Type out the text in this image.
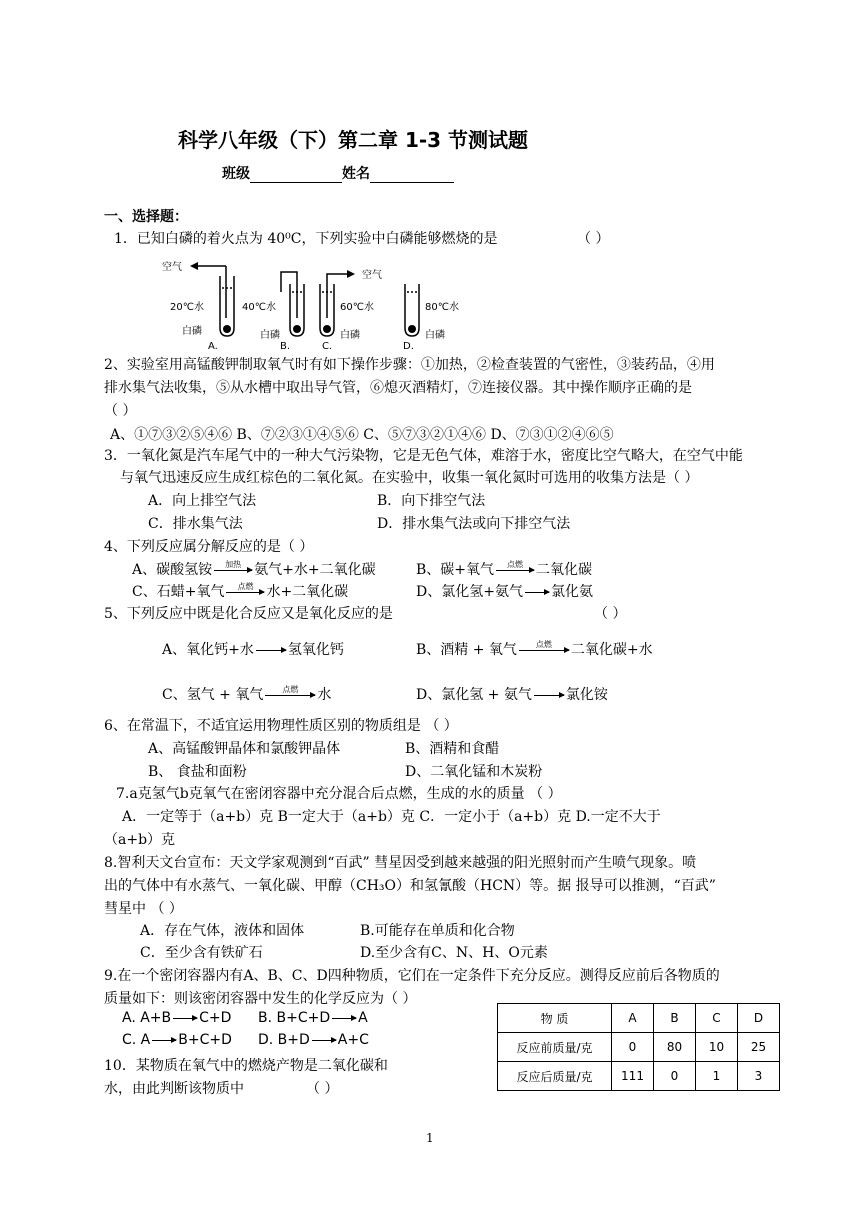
科学八年级（下）第二章 1-3 节测试题
班级	姓名
一、选择题：
1．已知白磷的着火点为 40⁰C，下列实验中白磷能够燃烧的是	（ ）
空气
空气
20℃水	40℃水	60℃水	80℃水
白磷	白磷	白磷	白磷
A.	B.	C.	D.
2、实验室用高锰酸钾制取氧气时有如下操作步骤：①加热，②检查装置的气密性，③装药品，④用
排水集气法收集，⑤从水槽中取出导气管，⑥熄灭酒精灯，⑦连接仪器。其中操作顺序正确的是
（ ）
A、①⑦③②⑤④⑥ B、⑦②③①④⑤⑥ C、⑤⑦③②①④⑥ D、⑦③①②④⑥⑤
3．一氧化氮是汽车尾气中的一种大气污染物，它是无色气体，难溶于水，密度比空气略大，在空气中能
与氧气迅速反应生成红棕色的二氧化氮。在实验中，收集一氧化氮时可选用的收集方法是（ ）
A．向上排空气法	B．向下排空气法
C．排水集气法	D．排水集气法或向下排空气法
4、下列反应属分解反应的是（ ）
A、碳酸氢铵	加热 氨气+水+二氧化碳	B、碳+氧气	点燃 二氧化碳
C、石蜡+氧气	点燃 水+二氧化碳	D、氯化氢+氨气 氯化氨
5、下列反应中既是化合反应又是氧化反应的是	（ ）
A、氧化钙+水 氢氧化钙	B、酒精 + 氧气	点燃	二氧化碳+水
C、氢气 + 氧气	点燃	水	D、氯化氢 + 氨气 氯化铵
6、在常温下，不适宜运用物理性质区别的物质组是 （ ）
A、高锰酸钾晶体和氯酸钾晶体	B、酒精和食醋
B、 食盐和面粉	D、二氧化锰和木炭粉
7.a克氢气b克氧气在密闭容器中充分混合后点燃，生成的水的质量 （ ）
A．一定等于（a+b）克 B一定大于（a+b）克 C．一定小于（a+b）克 D.一定不大于
（a+b）克
8.智利天文台宣布：天文学家观测到“百武” 彗星因受到越来越强的阳光照射而产生喷气现象。喷
出的气体中有水蒸气、一氧化碳、甲醇（CH₃O）和氢氰酸（HCN）等。据 报导可以推测，“百武”
彗星中 （ ）
A．存在气体，液体和固体	B.可能存在单质和化合物
C．至少含有铁矿石	D.至少含有C、N、H、O元素
9.在一个密闭容器内有A、B、C、D四种物质，它们在一定条件下充分反应。测得反应前后各物质的
质量如下：则该密闭容器中发生的化学反应为（ ）
A. A+B C+D B. B+C+D A
C. A B+C+D D. B+D A+C
物 质	A	B	C	D
反应前质量/克	0	80	10	25
反应后质量/克	111	0	1	3
10．某物质在氧气中的燃烧产物是二氧化碳和
水，由此判断该物质中	（ ）
1
